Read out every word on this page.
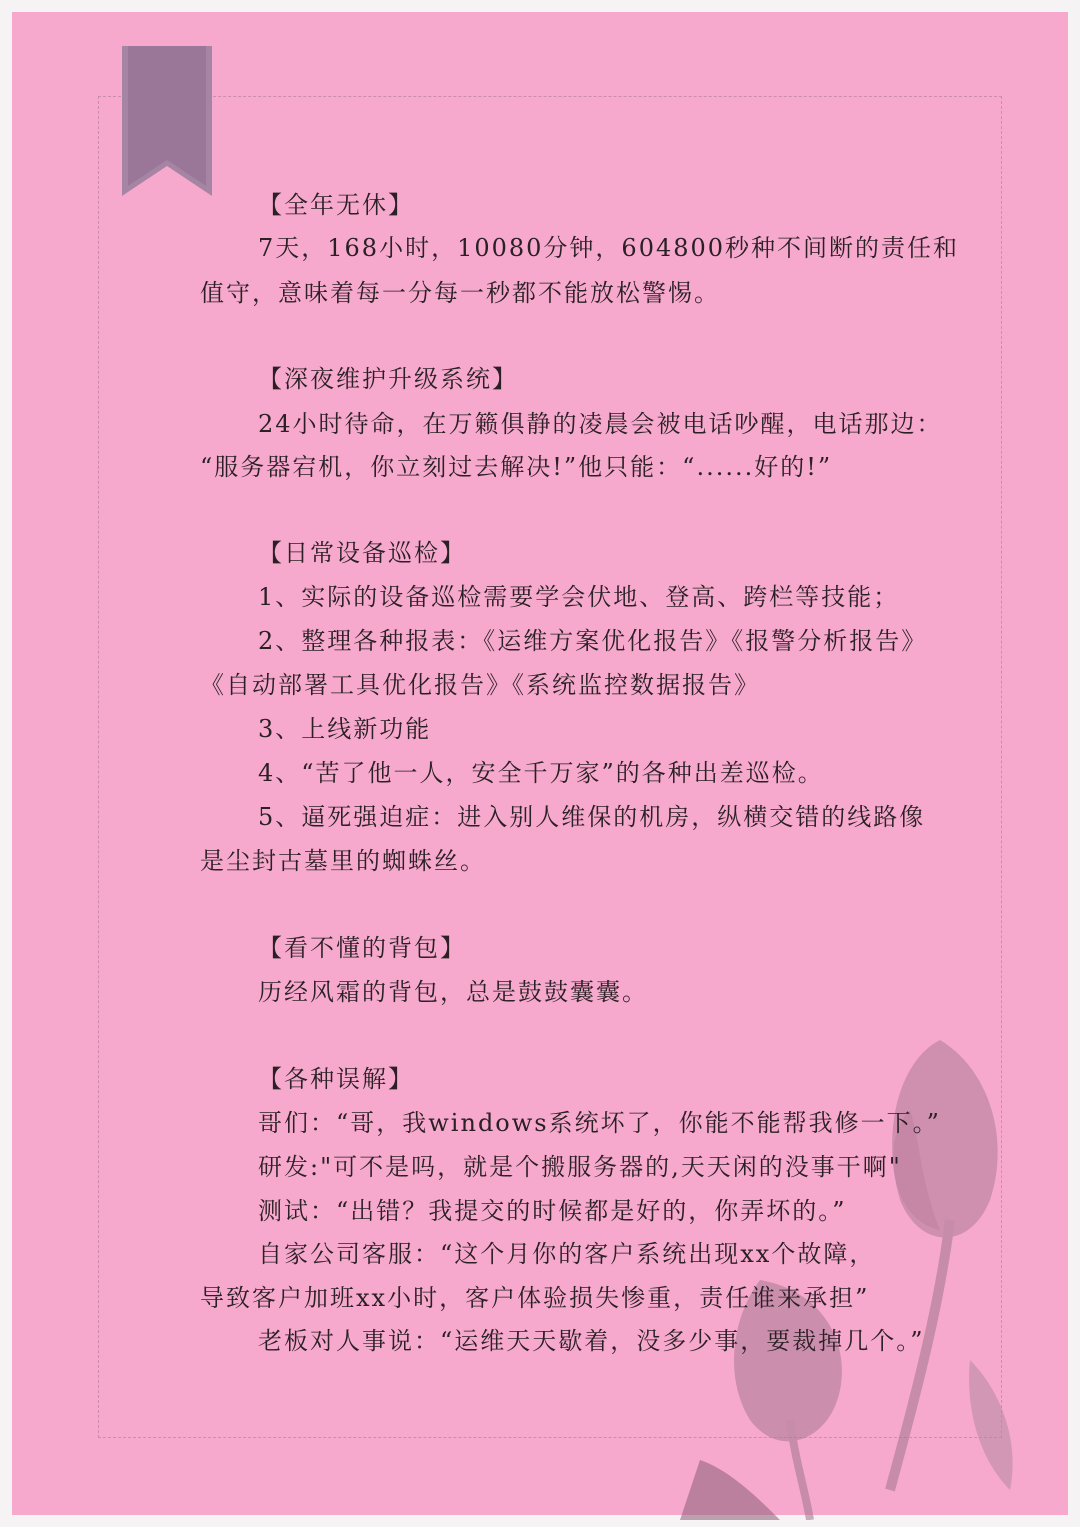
【全年无休】
7天，168小时，10080分钟，604800秒种不间断的责任和
值守，意味着每一分每一秒都不能放松警惕。
【深夜维护升级系统】
24小时待命，在万籁俱静的凌晨会被电话吵醒，电话那边：
“服务器宕机，你立刻过去解决!”他只能：“......好的!”
【日常设备巡检】
1、实际的设备巡检需要学会伏地、登高、跨栏等技能；
2、整理各种报表：《运维方案优化报告》《报警分析报告》
《自动部署工具优化报告》《系统监控数据报告》
3、上线新功能
4、“苦了他一人，安全千万家”的各种出差巡检。
5、逼死强迫症：进入别人维保的机房，纵横交错的线路像
是尘封古墓里的蜘蛛丝。
【看不懂的背包】
历经风霜的背包，总是鼓鼓囊囊。
【各种误解】
哥们：“哥，我windows系统坏了，你能不能帮我修一下。”
研发:"可不是吗，就是个搬服务器的,天天闲的没事干啊"
测试：“出错？我提交的时候都是好的，你弄坏的。”
自家公司客服：“这个月你的客户系统出现xx个故障，
导致客户加班xx小时，客户体验损失惨重，责任谁来承担”
老板对人事说：“运维天天歇着，没多少事，要裁掉几个。”
